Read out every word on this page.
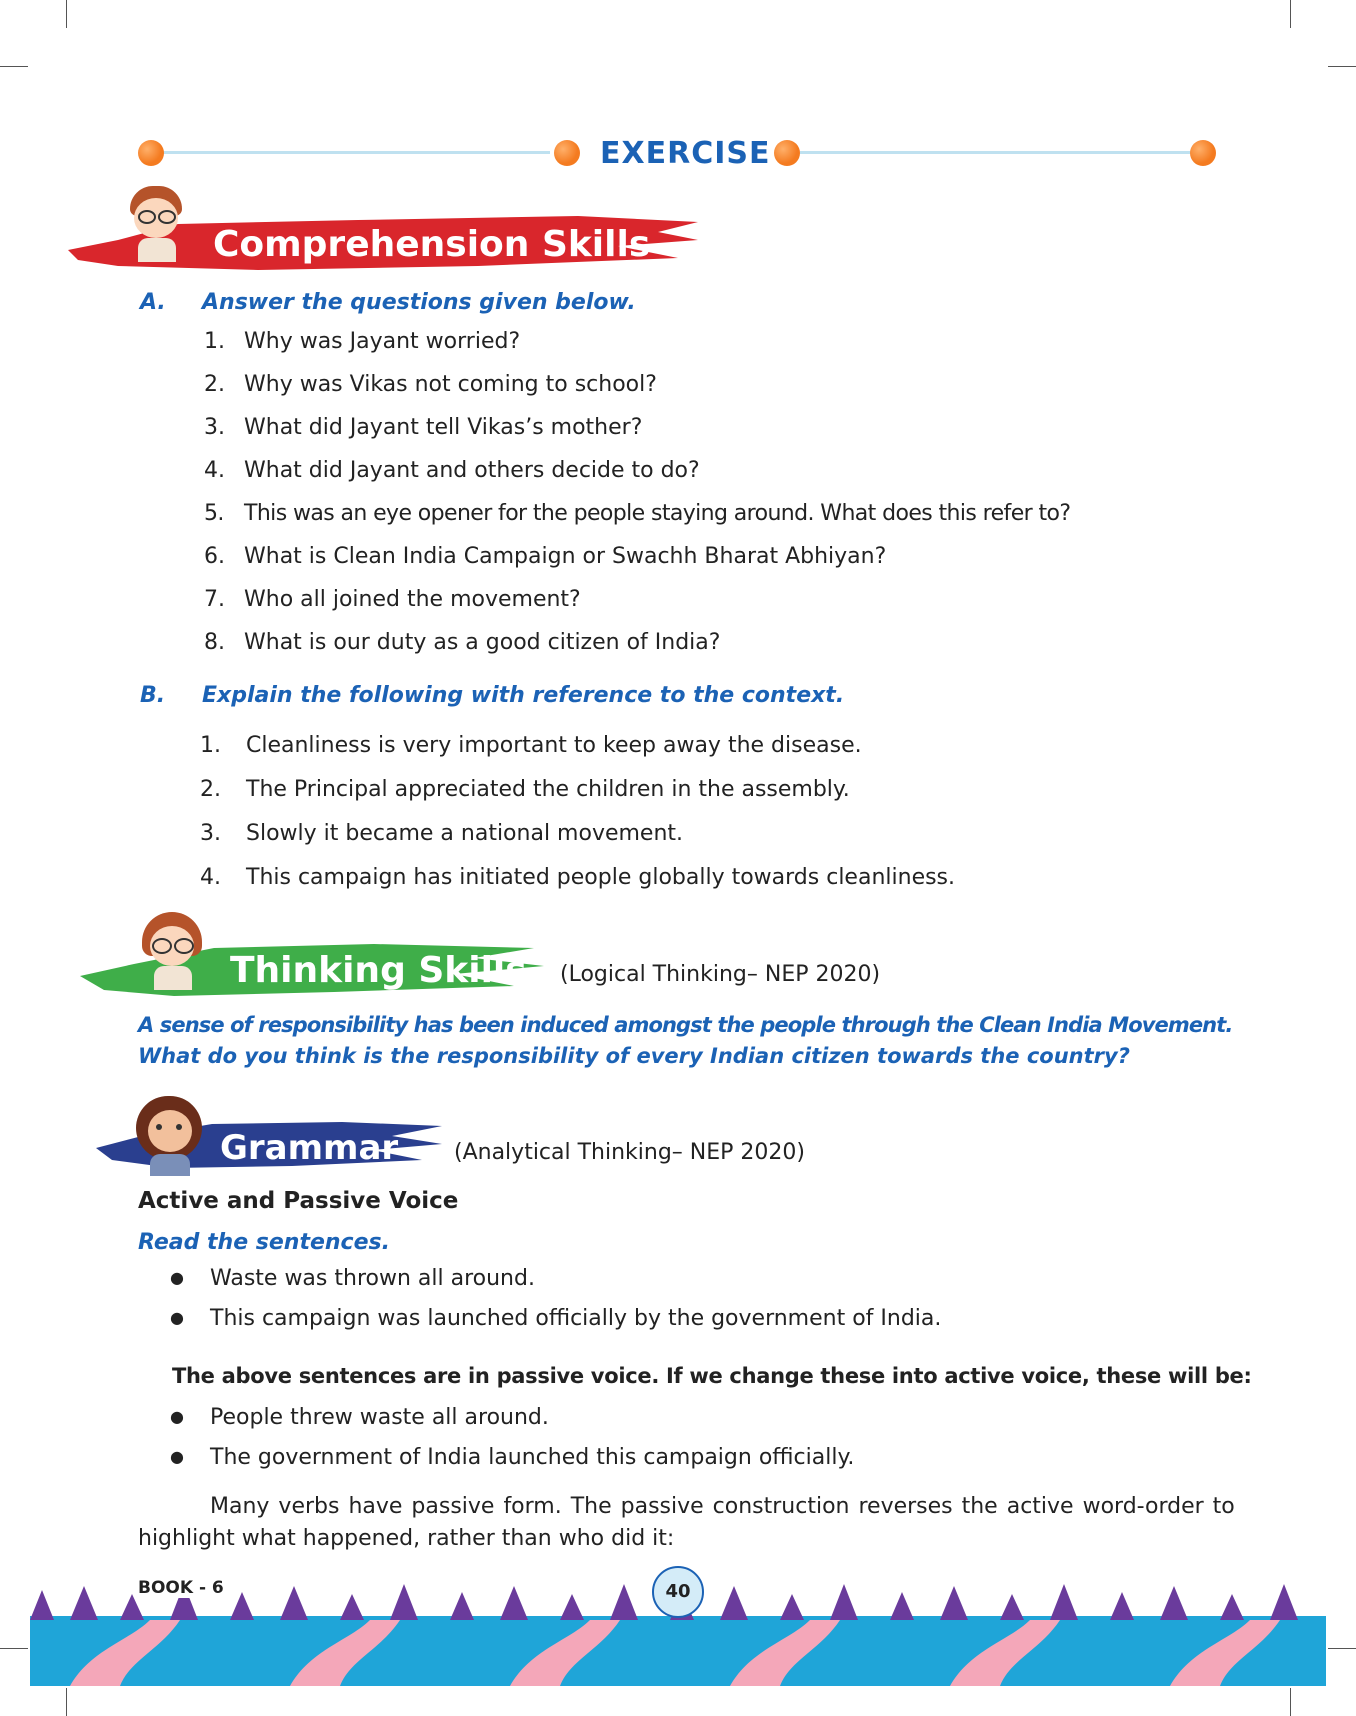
EXERCISE
Comprehension Skills
A. Answer the questions given below.
1. Why was Jayant worried?
2. Why was Vikas not coming to school?
3. What did Jayant tell Vikas’s mother?
4. What did Jayant and others decide to do?
5. This was an eye opener for the people staying around. What does this refer to?
6. What is Clean India Campaign or Swachh Bharat Abhiyan?
7. Who all joined the movement?
8. What is our duty as a good citizen of India?
B. Explain the following with reference to the context.
1. Cleanliness is very important to keep away the disease.
2. The Principal appreciated the children in the assembly.
3. Slowly it became a national movement.
4. This campaign has initiated people globally towards cleanliness.
Thinking Skills (Logical Thinking– NEP 2020)
A sense of responsibility has been induced amongst the people through the Clean India Movement.
What do you think is the responsibility of every Indian citizen towards the country?
Grammar	(Analytical Thinking– NEP 2020)
Active and Passive Voice
Read the sentences.
● Waste was thrown all around.
● This campaign was launched officially by the government of India.
The above sentences are in passive voice. If we change these into active voice, these will be:
● People threw waste all around.
● The government of India launched this campaign officially.
Many verbs have passive form. The passive construction reverses the active word-order to
highlight what happened, rather than who did it:
BOOK - 6	40
